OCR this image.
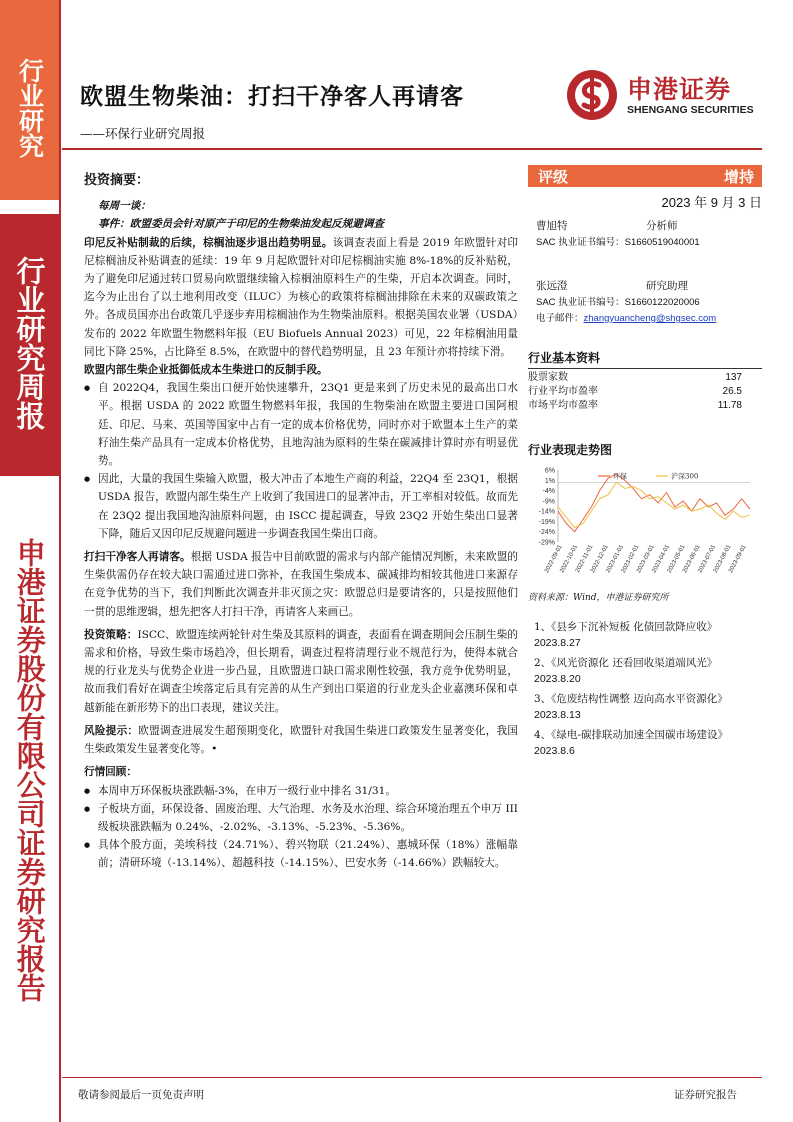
行业研究
行业研究周报
申港证券股份有限公司证券研究报告
欧盟生物柴油：打扫干净客人再请客
——环保行业研究周报
申港证券
SHENGANG SECURITIES
投资摘要：

每周一谈：

事件：欧盟委员会针对原产于印尼的生物柴油发起反规避调查

印尼反补贴制裁的后续，棕榈油逐步退出趋势明显。该调查表面上看是 2019 年欧盟针对印尼棕榈油反补贴调查的延续：19 年 9 月起欧盟针对印尼棕榈油实施 8%-18%的反补贴税，为了避免印尼通过转口贸易向欧盟继续输入棕榈油原料生产的生柴，开启本次调查。同时，迄今为止出台了以土地利用改变（ILUC）为核心的政策将棕榈油排除在未来的双碳政策之外。各成员国亦出台政策几乎逐步弃用棕榈油作为生物柴油原料。根据美国农业署（USDA）发布的 2022 年欧盟生物燃料年报（EU Biofuels Annual 2023）可见，22 年棕榈油用量同比下降 25%，占比降至 8.5%，在欧盟中的替代趋势明显，且 23 年预计亦将持续下滑。

欧盟内部生柴企业抵御低成本生柴进口的反制手段。

● 自 2022Q4，我国生柴出口便开始快速攀升，23Q1 更是来到了历史未见的最高出口水平。根据 USDA 的 2022 欧盟生物燃料年报，我国的生物柴油在欧盟主要进口国阿根廷、印尼、马来、英国等国家中占有一定的成本价格优势，同时亦对于欧盟本土生产的菜籽油生柴产品具有一定成本价格优势，且地沟油为原料的生柴在碳减排计算时亦有明显优势。

● 因此，大量的我国生柴输入欧盟，极大冲击了本地生产商的利益，22Q4 至 23Q1，根据 USDA 报告，欧盟内部生柴生产上收到了我国进口的显著冲击，开工率相对较低。故而先在 23Q2 提出我国地沟油原料问题，由 ISCC 提起调查，导致 23Q2 开始生柴出口显著下降，随后又因印尼反规避问题进一步调查我国生柴出口商。

打扫干净客人再请客。根据 USDA 报告中目前欧盟的需求与内部产能情况判断，未来欧盟的生柴供需仍存在较大缺口需通过进口弥补，在我国生柴成本、碳减排均相较其他进口来源存在竞争优势的当下，我们判断此次调查并非灭顶之灾：欧盟总归是要请客的，只是按照他们一贯的思维逻辑，想先把客人打扫干净，再请客人来画已。

投资策略：ISCC、欧盟连续两轮针对生柴及其原料的调查，表面看在调查期间会压制生柴的需求和价格，导致生柴市场趋冷，但长期看，调查过程将清理行业不规范行为，使得本就合规的行业龙头与优势企业进一步凸显，且欧盟进口缺口需求刚性较强，我方竞争优势明显，故而我们看好在调查尘埃落定后具有完善的从生产到出口渠道的行业龙头企业嘉澳环保和卓越新能在新形势下的出口表现，建议关注。

风险提示：欧盟调查进展发生超预期变化，欧盟针对我国生柴进口政策发生显著变化，我国生柴政策发生显著变化等。•

行情回顾：

● 本周申万环保板块涨跌幅-3%，在申万一级行业中排名 31/31。

● 子板块方面，环保设备、固废治理、大气治理、水务及水治理、综合环境治理五个申万 III 级板块涨跌幅为 0.24%、-2.02%、-3.13%、-5.23%、-5.36%。

● 具体个股方面，美埃科技（24.71%）、碧兴物联（21.24%）、惠城环保（18%）涨幅靠前；清研环境（-13.14%）、超越科技（-14.15%）、巴安水务（-14.66%）跌幅较大。

评级	增持
2023 年 9 月 3 日
曹旭特	分析师
SAC 执业证书编号：S1660519040001
张远澄	研究助理
SAC 执业证书编号：S1660122020006
电子邮件：zhangyuancheng@shgsec.com
行业基本资料
股票家数	137
行业平均市盈率	26.5
市场平均市盈率	11.78
行业表现走势图
6%
1%
-4%
-9%
-14%
-19%
-24%
-29%
2022-09-01
2022-10-01
2022-11-01
2022-12-01
2023-01-01
2023-02-01
2023-03-01
2023-04-01
2023-05-01
2023-06-01
2023-07-01
2023-08-01
2023-09-01
环保	沪深300
资料来源：Wind，申港证券研究所
1、《县乡下沉补短板 化债回款降应收》
2023.8.27
2、《风光资源化 还看回收渠道端风光》
2023.8.20
3、《危废结构性调整 迈向高水平资源化》
2023.8.13
4、《绿电-碳排联动加速全国碳市场建设》
2023.8.6
敬请参阅最后一页免责声明	证券研究报告
